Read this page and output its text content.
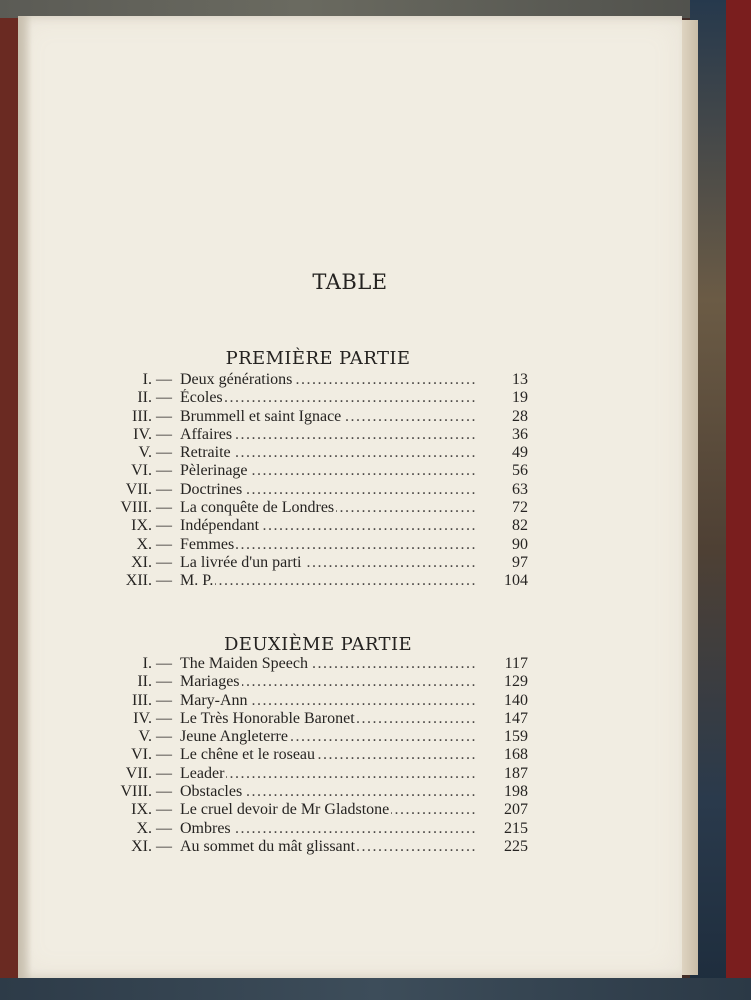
TABLE
PREMIÈRE PARTIE
I. — Deux générations .....	13
II. — Écoles .....	19
III. — Brummell et saint Ignace .....	28
IV. — Affaires .....	36
V. — Retraite .....	49
VI. — Pèlerinage .....	56
VII. — Doctrines .....	63
VIII. — La conquête de Londres .....	72
IX. — Indépendant .....	82
X. — Femmes .....	90
XI. — La livrée d'un parti .....	97
XII. — M. P. .....	104
DEUXIÈME PARTIE
I. — The Maiden Speech .....	117
II. — Mariages .....	129
III. — Mary-Ann .....	140
IV. — Le Très Honorable Baronet .....	147
V. — Jeune Angleterre .....	159
VI. — Le chêne et le roseau .....	168
VII. — Leader .....	187
VIII. — Obstacles .....	198
IX. — Le cruel devoir de Mr Gladstone .....	207
X. — Ombres .....	215
XI. — Au sommet du mât glissant .....	225
